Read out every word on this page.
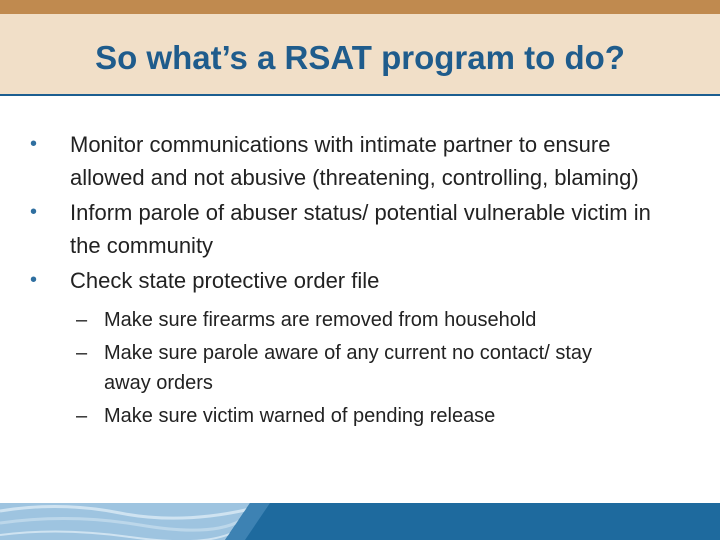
So what’s a RSAT program to do?
• Monitor communications with intimate partner to ensure allowed and not abusive (threatening, controlling, blaming)
• Inform parole of abuser status/ potential vulnerable victim in the community
• Check state protective order file
– Make sure firearms are removed from household
– Make sure parole aware of any current no contact/ stay away orders
– Make sure victim warned of pending release
30
